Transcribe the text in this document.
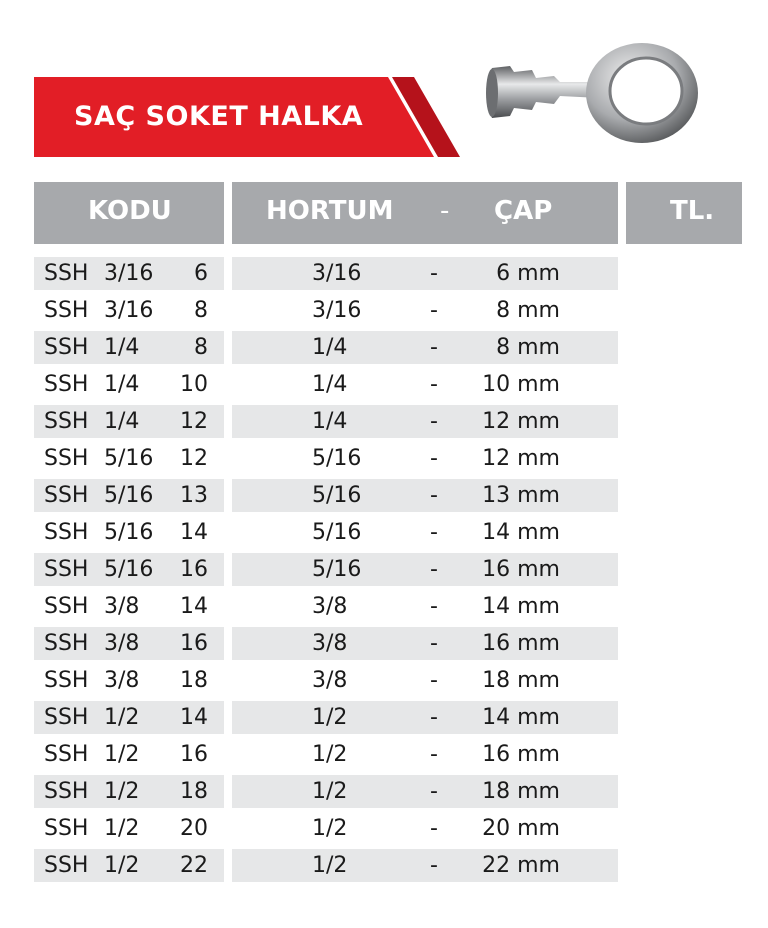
SAÇ SOKET HALKA
KODU	HORTUM - ÇAP	TL.
SSH 3/16	6	3/16	-	6 mm
SSH 3/16	8	3/16	-	8 mm
SSH 1/4	8	1/4	-	8 mm
SSH 1/4 10	1/4	-	10 mm
SSH 1/4 12	1/4	-	12 mm
SSH 5/16 12	5/16	-	12 mm
SSH 5/16 13	5/16	-	13 mm
SSH 5/16 14	5/16	-	14 mm
SSH 5/16 16	5/16	-	16 mm
SSH 3/8 14	3/8	-	14 mm
SSH 3/8 16	3/8	-	16 mm
SSH 3/8 18	3/8	-	18 mm
SSH 1/2 14	1/2	-	14 mm
SSH 1/2 16	1/2	-	16 mm
SSH 1/2 18	1/2	-	18 mm
SSH 1/2 20	1/2	-	20 mm
SSH 1/2 22	1/2	-	22 mm
